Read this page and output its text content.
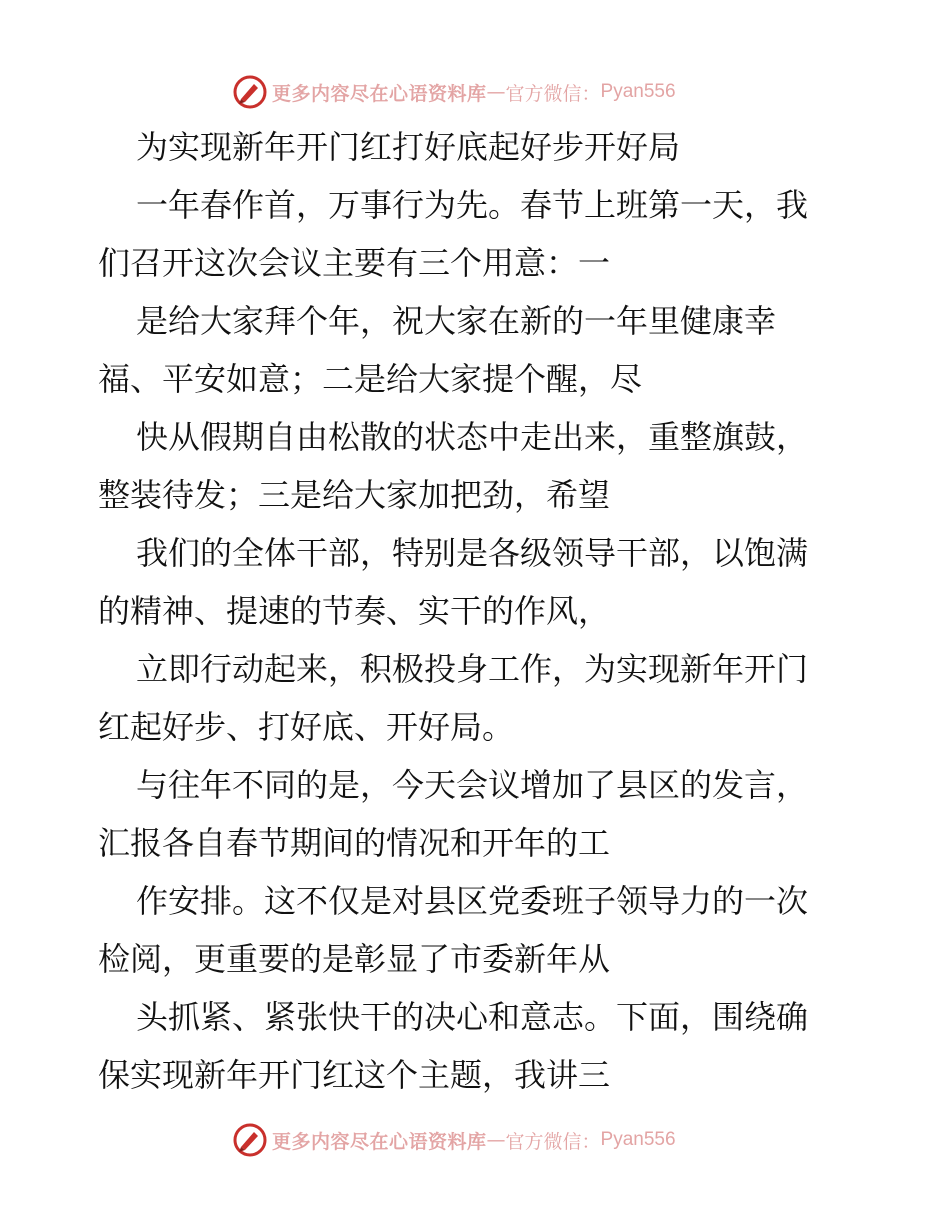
更多内容尽在心语资料库 — 官方微信： Pyan556
为实现新年开门红打好底起好步开好局
一年春作首，万事行为先。春节上班第一天，我
们召开这次会议主要有三个用意：一
是给大家拜个年，祝大家在新的一年里健康幸
福、平安如意；二是给大家提个醒，尽
快从假期自由松散的状态中走出来，重整旗鼓，
整装待发；三是给大家加把劲，希望
我们的全体干部，特别是各级领导干部，以饱满
的精神、提速的节奏、实干的作风，
立即行动起来，积极投身工作，为实现新年开门
红起好步、打好底、开好局。
与往年不同的是，今天会议增加了县区的发言，
汇报各自春节期间的情况和开年的工
作安排。这不仅是对县区党委班子领导力的一次
检阅，更重要的是彰显了市委新年从
头抓紧、紧张快干的决心和意志。下面，围绕确
保实现新年开门红这个主题，我讲三
更多内容尽在心语资料库 — 官方微信： Pyan556
